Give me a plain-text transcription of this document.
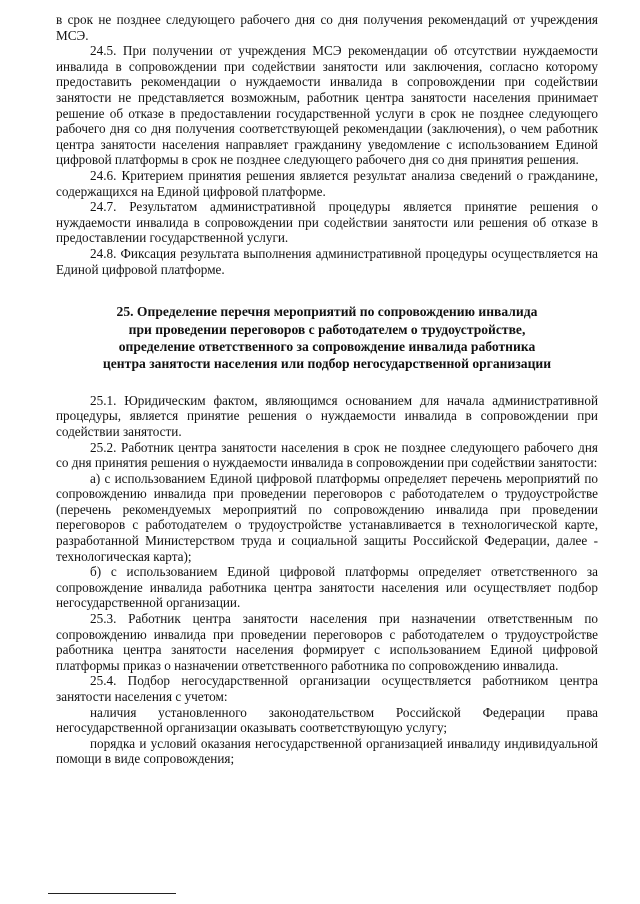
в срок не позднее следующего рабочего дня со дня получения рекомендаций от учреждения МСЭ.

24.5. При получении от учреждения МСЭ рекомендации об отсутствии нуждаемости инвалида в сопровождении при содействии занятости или заключения, согласно которому предоставить рекомендации о нуждаемости инвалида в сопровождении при содействии занятости не представляется возможным, работник центра занятости населения принимает решение об отказе в предоставлении государственной услуги в срок не позднее следующего рабочего дня со дня получения соответствующей рекомендации (заключения), о чем работник центра занятости населения направляет гражданину уведомление с использованием Единой цифровой платформы в срок не позднее следующего рабочего дня со дня принятия решения.

24.6. Критерием принятия решения является результат анализа сведений о гражданине, содержащихся на Единой цифровой платформе.

24.7. Результатом административной процедуры является принятие решения о нуждаемости инвалида в сопровождении при содействии занятости или решения об отказе в предоставлении государственной услуги.

24.8. Фиксация результата выполнения административной процедуры осуществляется на Единой цифровой платформе.

25. Определение перечня мероприятий по сопровождению инвалида
при проведении переговоров с работодателем о трудоустройстве,
определение ответственного за сопровождение инвалида работника
центра занятости населения или подбор негосударственной организации

25.1. Юридическим фактом, являющимся основанием для начала административной процедуры, является принятие решения о нуждаемости инвалида в сопровождении при содействии занятости.

25.2. Работник центра занятости населения в срок не позднее следующего рабочего дня со дня принятия решения о нуждаемости инвалида в сопровождении при содействии занятости:

а) с использованием Единой цифровой платформы определяет перечень мероприятий по сопровождению инвалида при проведении переговоров с работодателем о трудоустройстве (перечень рекомендуемых мероприятий по сопровождению инвалида при проведении переговоров с работодателем о трудоустройстве устанавливается в технологической карте, разработанной Министерством труда и социальной защиты Российской Федерации, далее - технологическая карта);

б) с использованием Единой цифровой платформы определяет ответственного за сопровождение инвалида работника центра занятости населения или осуществляет подбор негосударственной организации.

25.3. Работник центра занятости населения при назначении ответственным по сопровождению инвалида при проведении переговоров с работодателем о трудоустройстве работника центра занятости населения формирует с использованием Единой цифровой платформы приказ о назначении ответственного работника по сопровождению инвалида.

25.4. Подбор негосударственной организации осуществляется работником центра занятости населения с учетом:

наличия установленного законодательством Российской Федерации права негосударственной организации оказывать соответствующую услугу;

порядка и условий оказания негосударственной организацией инвалиду индивидуальной помощи в виде сопровождения;
